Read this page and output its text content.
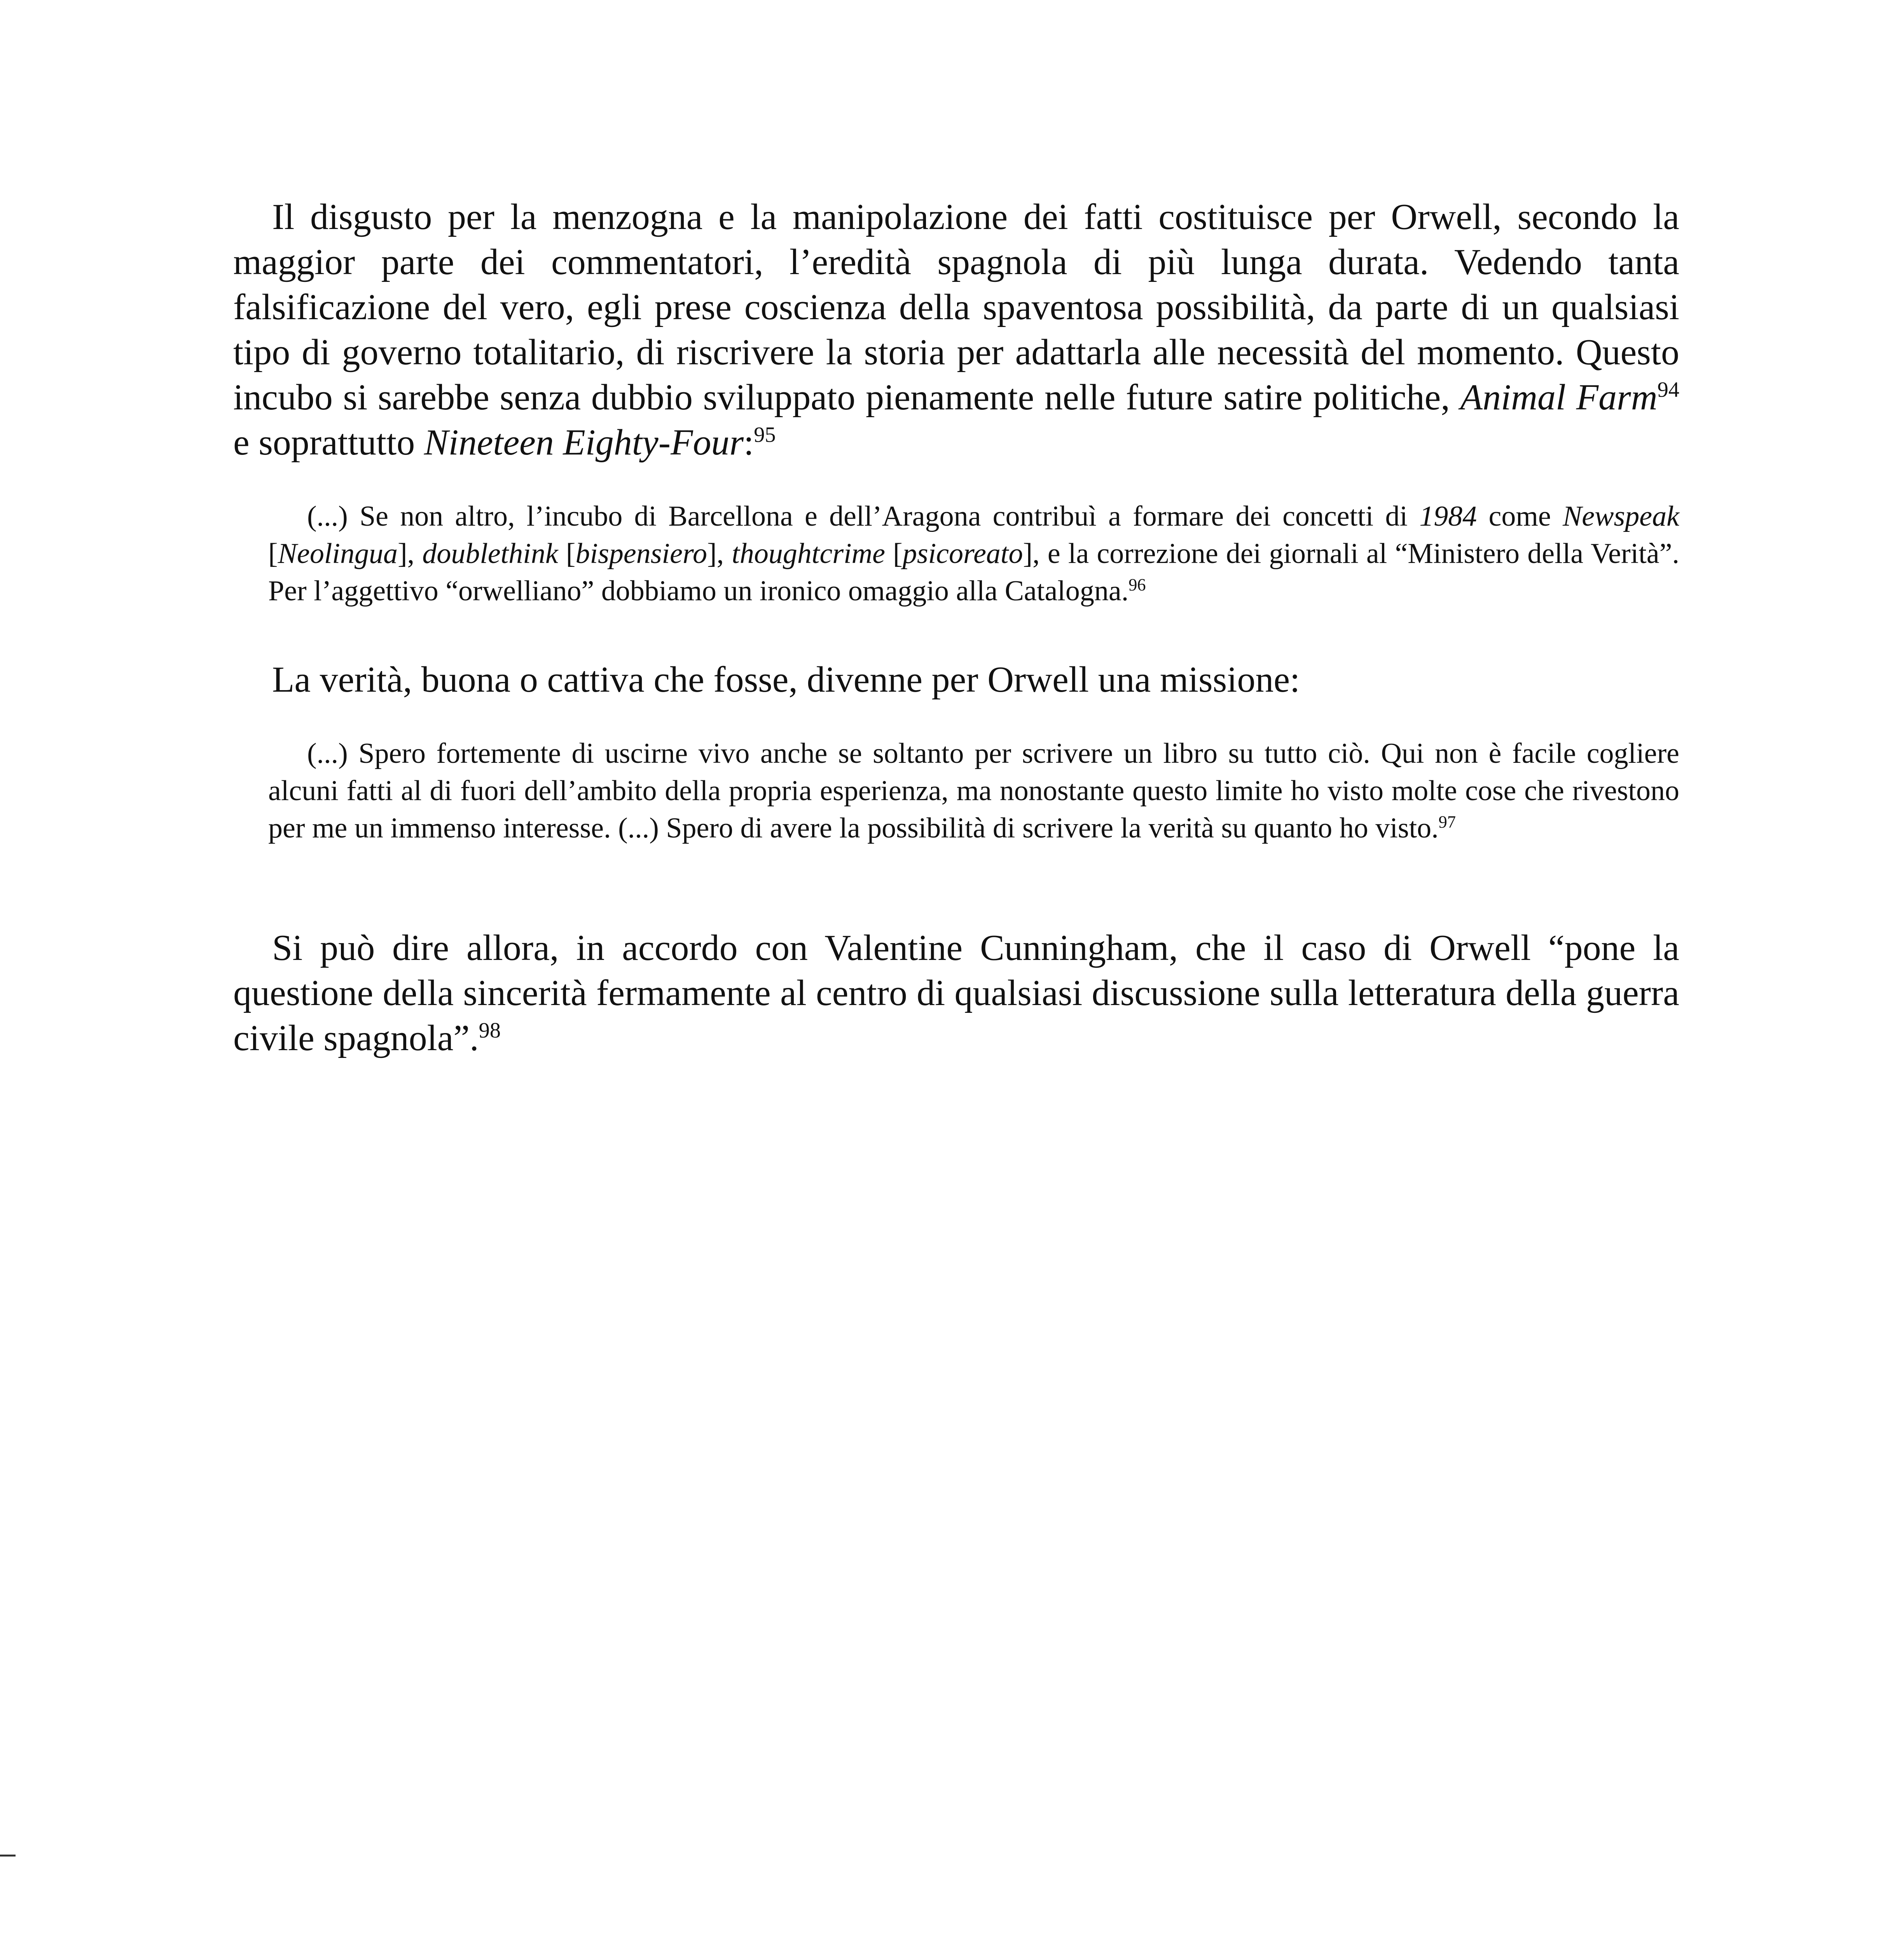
Il disgusto per la menzogna e la manipolazione dei fatti costituisce per Orwell, secondo la maggior parte dei commentatori, l’eredità spagnola di più lunga durata. Vedendo tanta falsificazione del vero, egli prese coscienza della spaventosa possibilità, da parte di un qualsiasi tipo di governo totalitario, di riscrivere la storia per adattarla alle necessità del momento. Questo incubo si sarebbe senza dubbio sviluppato pienamente nelle future satire politiche, Animal Farm$^{94}$ e soprattutto Nineteen Eighty-Four:$^{95}$

(...) Se non altro, l’incubo di Barcellona e dell’Aragona contribuì a formare dei concetti di 1984 come Newspeak [Neolingua], doublethink [bispensiero], thoughtcrime [psicoreato], e la correzione dei giornali al “Ministero della Verità”. Per l’aggettivo “orwelliano” dobbiamo un ironico omaggio alla Catalogna.$^{96}$

La verità, buona o cattiva che fosse, divenne per Orwell una missione:

(...) Spero fortemente di uscirne vivo anche se soltanto per scrivere un libro su tutto ciò. Qui non è facile cogliere alcuni fatti al di fuori dell’ambito della propria esperienza, ma nonostante questo limite ho visto molte cose che rivestono per me un immenso interesse. (...) Spero di avere la possibilità di scrivere la verità su quanto ho visto.$^{97}$

Si può dire allora, in accordo con Valentine Cunningham, che il caso di Orwell “pone la questione della sincerità fermamente al centro di qualsiasi discussione sulla letteratura della guerra civile spagnola”.$^{98}$
